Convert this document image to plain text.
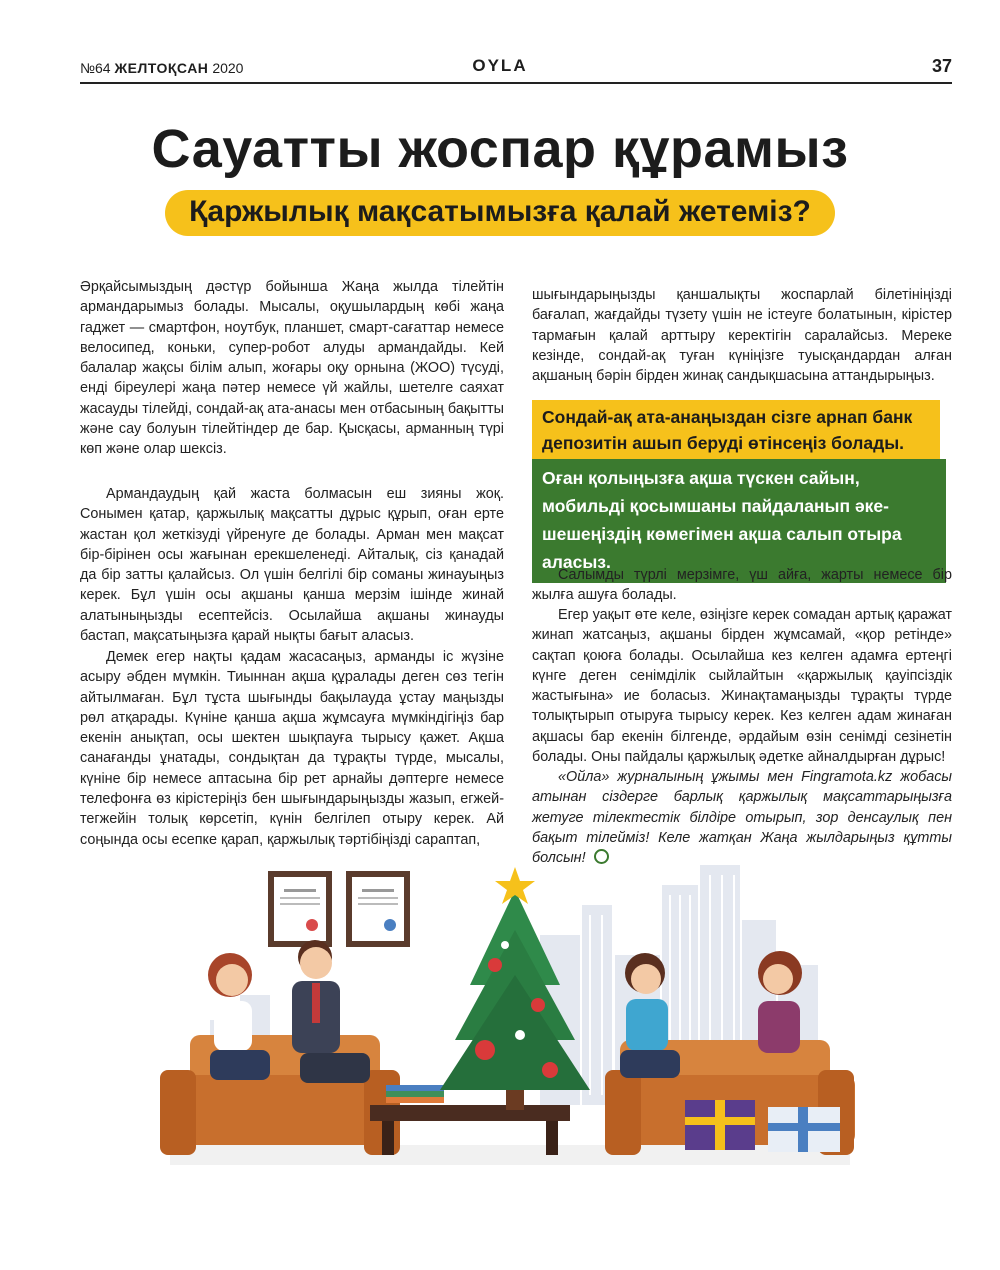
№64 ЖЕЛТОҚСАН 2020	OYLA	37
Сауатты жоспар құрамыз
Қаржылық мақсатымызға қалай жетеміз?

Әрқайсымыздың дәстүр бойынша Жаңа жылда тілейтін армандарымыз болады. Мысалы, оқушылардың көбі жаңа гаджет — смартфон, ноутбук, планшет, смарт-сағаттар немесе велосипед, коньки, супер-робот алуды армандайды. Кей балалар жақсы білім алып, жоғары оқу орнына (ЖОО) түсуді, енді біреулері жаңа пәтер немесе үй жайлы, шетелге саяхат жасауды тілейді, сондай-ақ ата-анасы мен отбасының бақытты және сау болуын тілейтіндер де бар. Қысқасы, арманның түрі көп және олар шексіз.

Армандаудың қай жаста болмасын еш зияны жоқ. Сонымен қатар, қаржылық мақсатты дұрыс құрып, оған ерте жастан қол жеткізуді үйренуге де болады. Арман мен мақсат бір-бірінен осы жағынан ерекшеленеді. Айталық, сіз қанадай да бір затты қалайсыз. Ол үшін белгілі бір соманы жинауыңыз керек. Бұл үшін осы ақшаны қанша мерзім ішінде жинай алатыныңызды есептейсіз. Осылайша ақшаны жинауды бастап, мақсатыңызға қарай нықты бағыт аласыз.

Демек егер нақты қадам жасасаңыз, арманды іс жүзіне асыру әбден мүмкін. Тиыннан ақша құралады деген сөз тегін айтылмаған. Бұл тұста шығынды бақылауда ұстау маңызды рөл атқарады. Күніне қанша ақша жұмсауға мүмкіндігіңіз бар екенін анықтап, осы шектен шықпауға тырысу қажет. Ақша санағанды ұнатады, сондықтан да тұрақты түрде, мысалы, күніне бір немесе аптасына бір рет арнайы дәптерге немесе телефонға өз кірістеріңіз бен шығындарыңызды жазып, егжей-тегжейін толық көрсетіп, күнін белгілеп отыру керек. Ай соңында осы есепке қарап, қаржылық тәртібіңізді сараптап,

шығындарыңызды қаншалықты жоспарлай білетініңізді бағалап, жағдайды түзету үшін не істеуге болатынын, кірістер тармағын қалай арттыру керектігін саралайсыз. Мереке кезінде, сондай-ақ туған күніңізге туысқандардан алған ақшаның бәрін бірден жинақ сандықшасына аттандырыңыз.

Сондай-ақ ата-анаңыздан сізге арнап банк депозитін ашып беруді өтінсеңіз болады.
Оған қолыңызға ақша түскен сайын, мобильді қосымшаны пайдаланып әке-шешеңіздің көмегімен ақша салып отыра аласыз.

Салымды түрлі мерзімге, үш айға, жарты немесе бір жылға ашуға болады.

Егер уақыт өте келе, өзіңізге керек сомадан артық қаражат жинап жатсаңыз, ақшаны бірден жұмсамай, «қор ретінде» сақтап қоюға болады. Осылайша кез келген адамға ертеңгі күнге деген сенімділік сыйлайтын «қаржылық қауіпсіздік жастығына» ие боласыз. Жинақтамаңызды тұрақты түрде толықтырып отыруға тырысу керек. Кез келген адам жинаған ақшасы бар екенін білгенде, әрдайым өзін сенімді сезінетін болады. Оны пайдалы қаржылық әдетке айналдырған дұрыс!

«Ойла» журналының ұжымы мен Fingramota.kz жобасы атынан сіздерге барлық қаржылық мақсаттарыңызға жетуге тілектестік білдіре отырып, зор денсаулық пен бақыт тілейміз! Келе жатқан Жаңа жылдарыңыз құтты болсын!
